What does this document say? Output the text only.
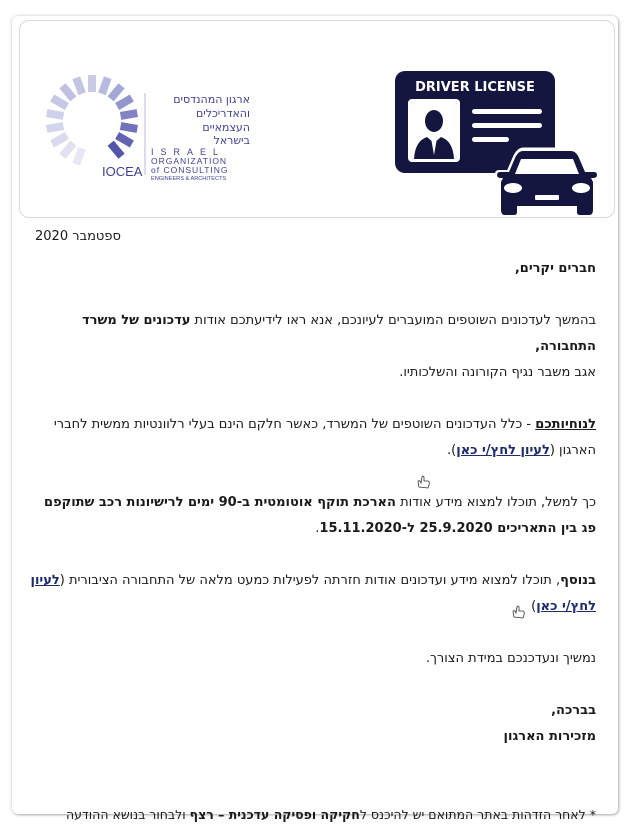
IOCEA
ארגון המהנדסים
והאדריכלים
העצמאיים
בישראל
ISRAEL
ORGANIZATION
of CONSULTING
ENGINEERS & ARCHITECTS
DRIVER LICENSE
ספטמבר 2020

חברים יקרים,

בהמשך לעדכונים השוטפים המועברים לעיונכם, אנא ראו לידיעתכם אודות עדכונים של משרד התחבורה,
אגב משבר נגיף הקורונה והשלכותיו.

לנוחיותכם - כלל העדכונים השוטפים של המשרד, כאשר חלקם הינם בעלי רלוונטיות ממשית לחברי הארגון (לעיון לחץ/י כאן).

כך למשל, תוכלו למצוא מידע אודות הארכת תוקף אוטומטית ב-90 ימים לרישיונות רכב שתוקפם פג בין התאריכים 25.9.2020 ל-15.11.2020.

בנוסף, תוכלו למצוא מידע ועדכונים אודות חזרתה לפעילות כמעט מלאה של התחבורה הציבורית (לעיון לחץ/י כאן)

נמשיך ונעדכנכם במידת הצורך.

בברכה,

מזכירות הארגון

* לאחר הזדהות באתר המתואם יש להיכנס לחקיקה ופסיקה עדכנית – רצף ולבחור בנושא ההודעה
